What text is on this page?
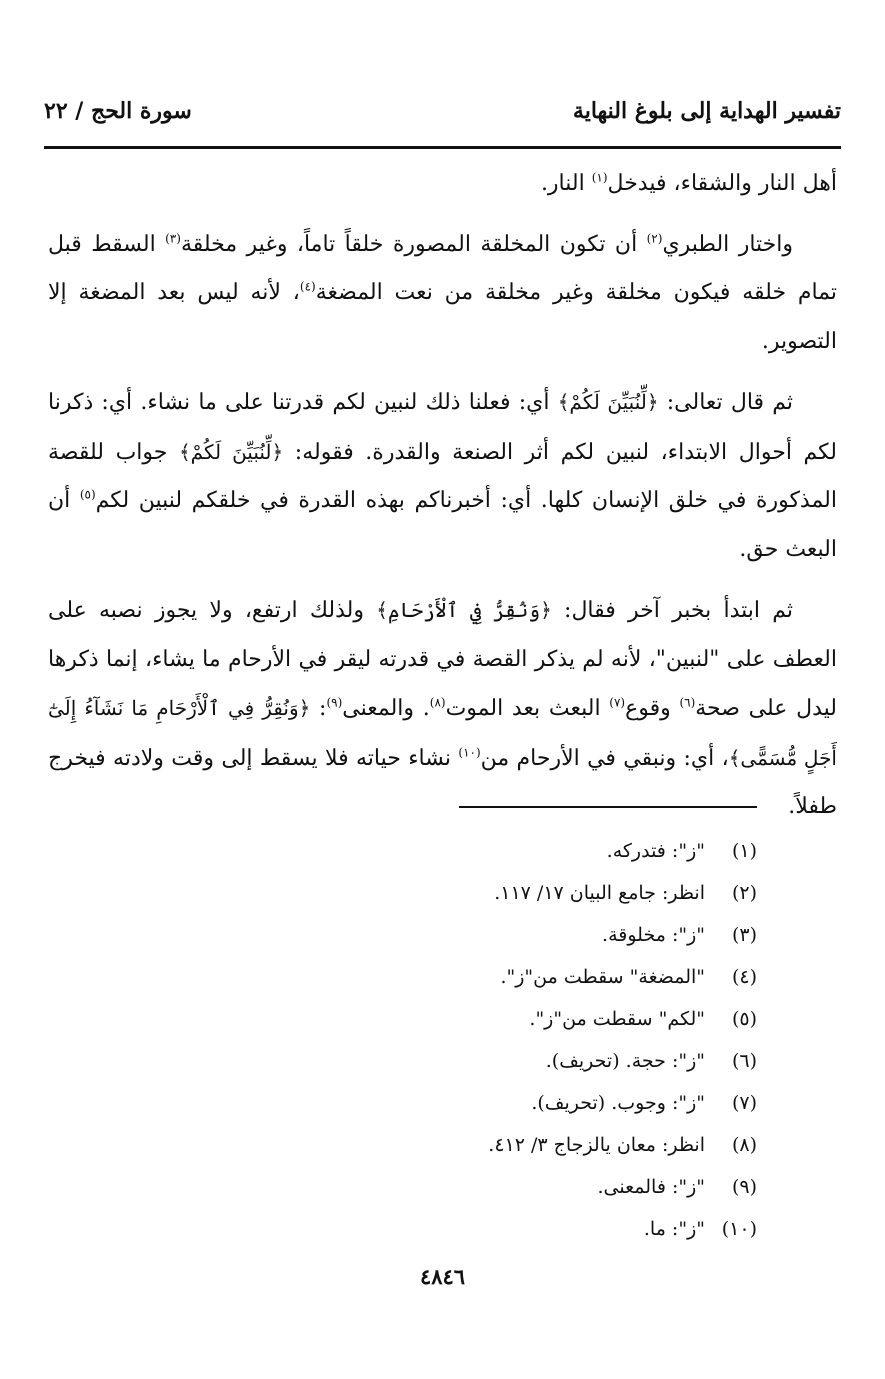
تفسير الهداية إلى بلوغ النهاية
سورة الحج / ٢٢

أهل النار والشقاء، فيدخل$^{(١)}$ النار.

واختار الطبري$^{(٢)}$ أن تكون المخلقة المصورة خلقاً تاماً، وغير مخلقة$^{(٣)}$ السقط قبل تمام خلقه فيكون مخلقة وغير مخلقة من نعت المضغة$^{(٤)}$، لأنه ليس بعد المضغة إلا التصوير.

ثم قال تعالى: ﴿لِّنُبَيِّنَ لَكُمْ﴾ أي: فعلنا ذلك لنبين لكم قدرتنا على ما نشاء. أي: ذكرنا لكم أحوال الابتداء، لنبين لكم أثر الصنعة والقدرة. فقوله: ﴿لِّنُبَيِّنَ لَكُمْ﴾ جواب للقصة المذكورة في خلق الإنسان كلها. أي: أخبرناكم بهذه القدرة في خلقكم لنبين لكم$^{(٥)}$ أن البعث حق.

ثم ابتدأ بخبر آخر فقال: ﴿وَنُقِرُّ فِي ٱلْأَرْحَامِ﴾ ولذلك ارتفع، ولا يجوز نصبه على العطف على "لنبين"، لأنه لم يذكر القصة في قدرته ليقر في الأرحام ما يشاء، إنما ذكرها ليدل على صحة$^{(٦)}$ وقوع$^{(٧)}$ البعث بعد الموت$^{(٨)}$. والمعنى$^{(٩)}$: ﴿وَنُقِرُّ فِي ٱلْأَرْحَامِ مَا نَشَآءُ إِلَىٰٓ أَجَلٍ مُّسَمًّى﴾، أي: ونبقي في الأرحام من$^{(١٠)}$ نشاء حياته فلا يسقط إلى وقت ولادته فيخرج طفلاً.

(١)"ز": فتدركه.
(٢)انظر: جامع البيان ١٧/ ١١٧.
(٣)"ز": مخلوقة.
(٤)"المضغة" سقطت من"ز".
(٥)"لكم" سقطت من"ز".
(٦)"ز": حجة. (تحريف).
(٧)"ز": وجوب. (تحريف).
(٨)انظر: معان يالزجاج ٣/ ٤١٢.
(٩)"ز": فالمعنى.
(١٠)"ز": ما.
٤٨٤٦
